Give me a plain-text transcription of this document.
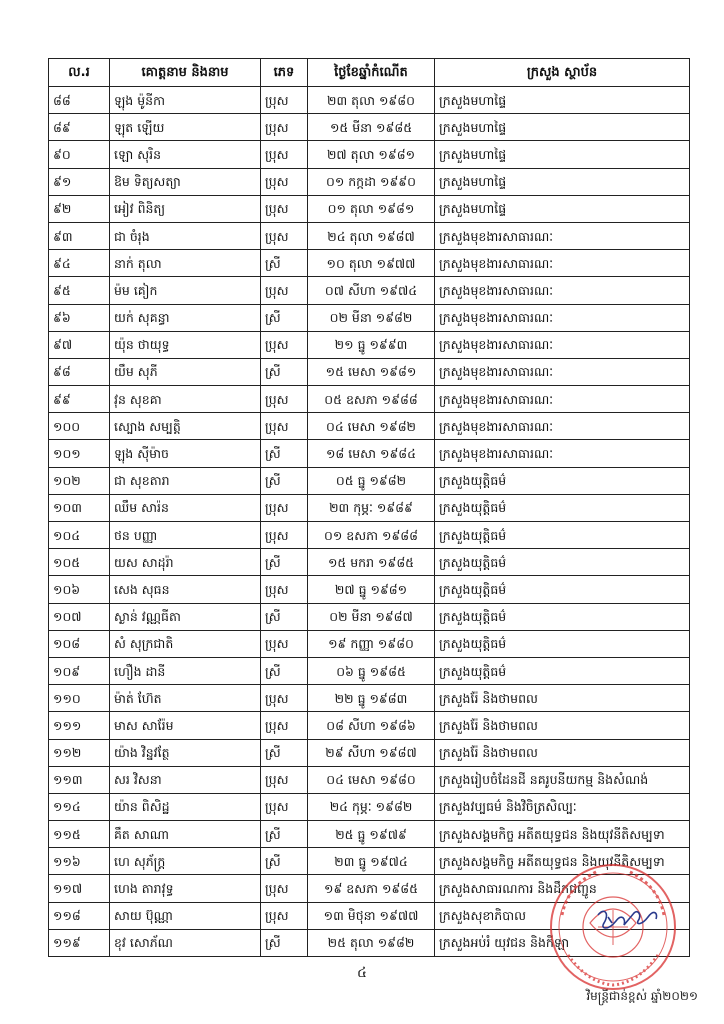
ល.រ	គោត្តនាម និងនាម	ភេទ	ថ្ងៃខែឆ្នាំកំណើត	ក្រសួង ស្ថាប័ន
៨៨	ឡុង ម៉ូនីកា	ប្រុស	២៣ តុលា ១៩៨០	ក្រសួងមហាផ្ទៃ
៨៩	ឡុត ឡើយ	ប្រុស	១៥ មីនា ១៩៨៥	ក្រសួងមហាផ្ទៃ
៩០	ឡោ សុរិន	ប្រុស	២៧ តុលា ១៩៨១	ក្រសួងមហាផ្ទៃ
៩១	ឱម ទិត្យសត្យា	ប្រុស	០១ កក្កដា ១៩៩០	ក្រសួងមហាផ្ទៃ
៩២	អៀវ ពិនិត្យ	ប្រុស	០១ តុលា ១៩៨១	ក្រសួងមហាផ្ទៃ
៩៣	ជា ចំរុង	ប្រុស	២៤ តុលា ១៩៨៧	ក្រសួងមុខងារសាធារណៈ
៩៤	នាក់ តុលា	ស្រី	១០ តុលា ១៩៧៧	ក្រសួងមុខងារសាធារណៈ
៩៥	ម៉ម គៀក	ប្រុស	០៧ សីហា ១៩៧៤	ក្រសួងមុខងារសាធារណៈ
៩៦	យក់ សុគន្ធា	ស្រី	០២ មីនា ១៩៨២	ក្រសួងមុខងារសាធារណៈ
៩៧	យ៉ុន ថាយុទ្ធ	ប្រុស	២១ ធ្នូ ១៩៩៣	ក្រសួងមុខងារសាធារណៈ
៩៨	យឹម សុភី	ស្រី	១៥ មេសា ១៩៨១	ក្រសួងមុខងារសាធារណៈ
៩៩	វុន សុខគា	ប្រុស	០៥ ឧសភា ១៩៨៨	ក្រសួងមុខងារសាធារណៈ
១០០	ស្បោង សម្បត្តិ	ប្រុស	០៤ មេសា ១៩៨២	ក្រសួងមុខងារសាធារណៈ
១០១	ឡុង ស៊ីម៉ាច	ស្រី	១៨ មេសា ១៩៨៤	ក្រសួងមុខងារសាធារណៈ
១០២	ជា សុខតារា	ស្រី	០៥ ធ្នូ ១៩៨២	ក្រសួងយុត្តិធម៌
១០៣	ឈឹម សារ៉ន	ប្រុស	២៣ កុម្ភៈ ១៩៨៩	ក្រសួងយុត្តិធម៌
១០៤	ថន បញ្ញា	ប្រុស	០១ ឧសភា ១៩៨៨	ក្រសួងយុត្តិធម៌
១០៥	យស សាដុរ៉ា	ស្រី	១៥ មករា ១៩៨៥	ក្រសួងយុត្តិធម៌
១០៦	សេង សុធន	ប្រុស	២៧ ធ្នូ ១៩៨១	ក្រសួងយុត្តិធម៌
១០៧	ស្ងាន់ វណ្ណធីតា	ស្រី	០២ មីនា ១៩៨៧	ក្រសួងយុត្តិធម៌
១០៨	សំ សុក្រជាតិ	ប្រុស	១៩ កញ្ញា ១៩៨០	ក្រសួងយុត្តិធម៌
១០៩	ហឿង ដានី	ស្រី	០៦ ធ្នូ ១៩៨៥	ក្រសួងយុត្តិធម៌
១១០	ម៉ាត់ ហ៊ែត	ប្រុស	២២ ធ្នូ ១៩៨៣	ក្រសួងរ៉ែ និងថាមពល
១១១	មាស សារ៉ែម	ប្រុស	០៨ សីហា ១៩៨៦	ក្រសួងរ៉ែ និងថាមពល
១១២	យ៉ាង វិន្នវត្ថែ	ស្រី	២៩ សីហា ១៩៨៧	ក្រសួងរ៉ែ និងថាមពល
១១៣	សរ វិសនា	ប្រុស	០៤ មេសា ១៩៨០	ក្រសួងរៀបចំដែនដី នគរូបនីយកម្ម និងសំណង់
១១៤	យ៉ាន ពិសិដ្ឋ	ប្រុស	២៤ កុម្ភៈ ១៩៨២	ក្រសួងវប្បធម៌ និងវិចិត្រសិល្បៈ
១១៥	គឹត សាណា	ស្រី	២៥ ធ្នូ ១៩៧៩	ក្រសួងសង្គមកិច្ច អតីតយុទ្ធជន និងយុវនីតិសម្បទា
១១៦	ហេ សុភ័ក្រ្ត	ស្រី	២៣ ធ្នូ ១៩៧៤	ក្រសួងសង្គមកិច្ច អតីតយុទ្ធជន និងយុវនីតិសម្បទា
១១៧	ហេង តារាវុទ្ធ	ប្រុស	១៩ ឧសភា ១៩៨៥	ក្រសួងសាធារណការ និងដឹកជញ្ជូន
១១៨	សាយ ប៊ុណ្ណា	ប្រុស	១៣ មិថុនា ១៩៧៧	ក្រសួងសុខាភិបាល
១១៩	ខុវ សោភ័ណ	ស្រី	២៥ តុលា ១៩៨២	ក្រសួងអប់រំ យុវជន និងកីឡា
៤
វិមន្ត្រីជាន់ខ្ពស់ ឆ្នាំ២០២១
